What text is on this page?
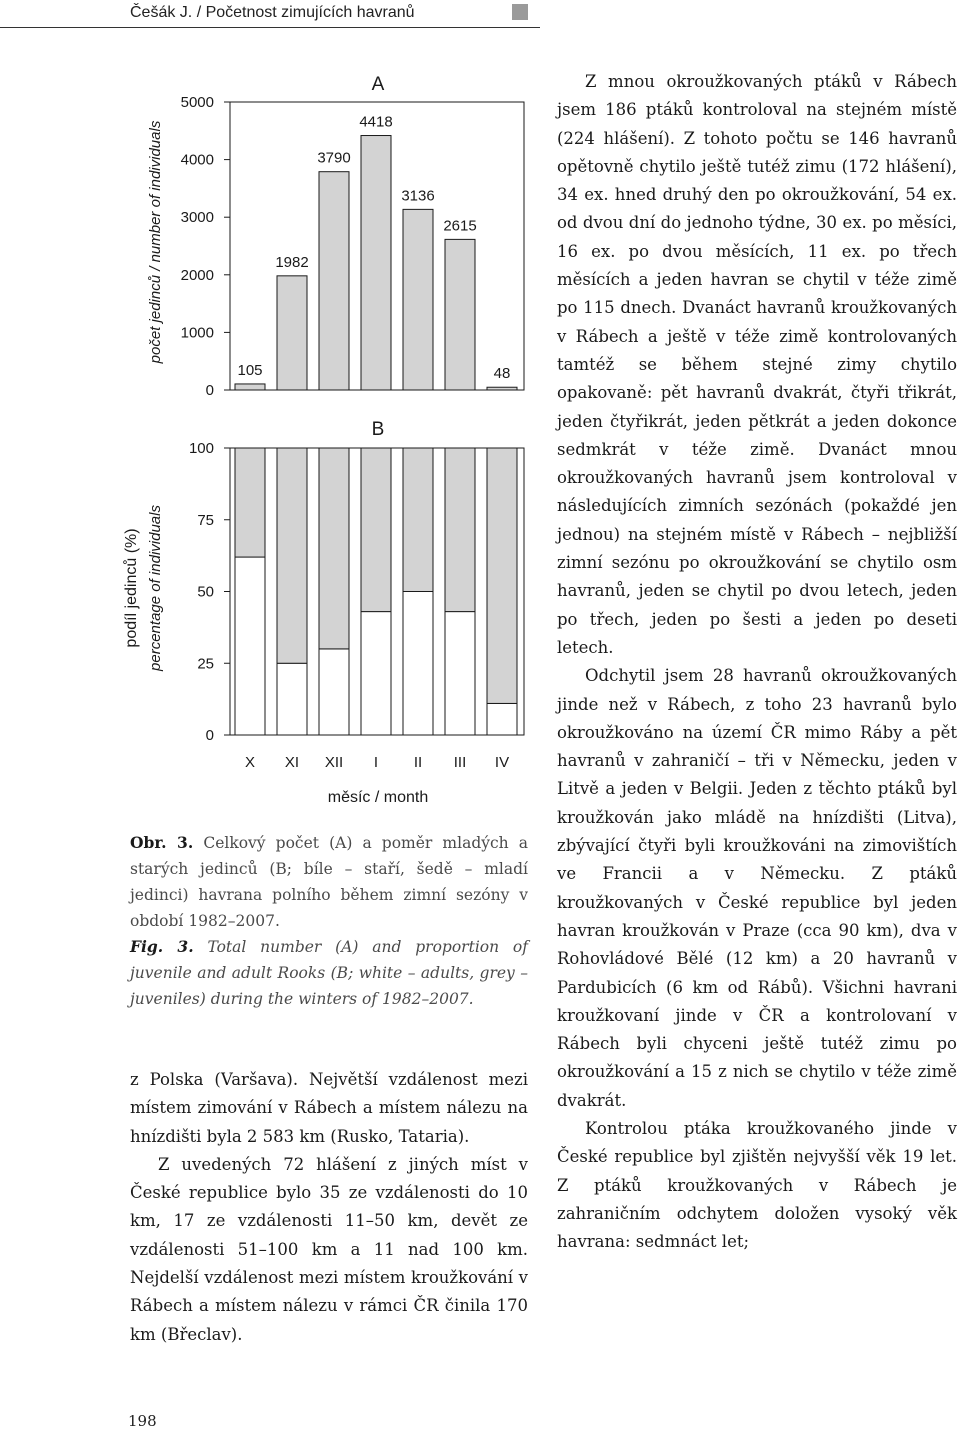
Češák J. / Početnost zimujících havranů
0
1000
2000
3000
4000
5000
105
1982
3790
4418
3136
2615
48
0
25
50
75
100
X XI XII I II III IV
A
B
počet jedinců / number of individuals
podíl jedinců (%) percentage of individuals
měsíc / month

Obr. 3. Celkový počet (A) a poměr mladých a starých jedinců (B; bíle – staří, šedě – mladí jedinci) havrana polního během zimní sezóny v období 1982–2007.

Fig. 3. Total number (A) and proportion of juvenile and adult Rooks (B; white – adults, grey – juveniles) during the winters of 1982–2007.

z Polska (Varšava). Největší vzdálenost mezi místem zimování v Rábech a místem nálezu na hnízdišti byla 2 583 km (Rusko, Tataria).

Z uvedených 72 hlášení z jiných míst v České republice bylo 35 ze vzdálenosti do 10 km, 17 ze vzdálenosti 11–50 km, devět ze vzdálenosti 51–100 km a 11 nad 100 km. Nejdelší vzdálenost mezi místem kroužkování v Rábech a místem nálezu v rámci ČR činila 170 km (Břeclav).

Z mnou okroužkovaných ptáků v Rábech jsem 186 ptáků kontroloval na stejném místě (224 hlášení). Z tohoto počtu se 146 havranů opětovně chytilo ještě tutéž zimu (172 hlášení), 34 ex. hned druhý den po okroužkování, 54 ex. od dvou dní do jednoho týdne, 30 ex. po měsíci, 16 ex. po dvou měsících, 11 ex. po třech měsících a jeden havran se chytil v téže zimě po 115 dnech. Dvanáct havranů kroužkovaných v Rábech a ještě v téže zimě kontrolovaných tamtéž se během stejné zimy chytilo opakovaně: pět havranů dvakrát, čtyři třikrát, jeden čtyřikrát, jeden pětkrát a jeden dokonce sedmkrát v téže zimě. Dvanáct mnou okroužkovaných havranů jsem kontroloval v následujících zimních sezónách (pokaždé jen jednou) na stejném místě v Rábech – nejbližší zimní sezónu po okroužkování se chytilo osm havranů, jeden se chytil po dvou letech, jeden po třech, jeden po šesti a jeden po deseti letech.

Odchytil jsem 28 havranů okroužkovaných jinde než v Rábech, z toho 23 havranů bylo okroužkováno na území ČR mimo Ráby a pět havranů v zahraničí – tři v Německu, jeden v Litvě a jeden v Belgii. Jeden z těchto ptáků byl kroužkován jako mládě na hnízdišti (Litva), zbývající čtyři byli kroužkováni na zimovištích ve Francii a v Německu. Z ptáků kroužkovaných v České republice byl jeden havran kroužkován v Praze (cca 90 km), dva v Rohovládové Bělé (12 km) a 20 havranů v Pardubicích (6 km od Rábů). Všichni havrani kroužkovaní jinde v ČR a kontrolovaní v Rábech byli chyceni ještě tutéž zimu po okroužkování a 15 z nich se chytilo v téže zimě dvakrát.

Kontrolou ptáka kroužkovaného jinde v České republice byl zjištěn nejvyšší věk 19 let. Z ptáků kroužkovaných v Rábech je zahraničním odchytem doložen vysoký věk havrana: sedmnáct let;

198
